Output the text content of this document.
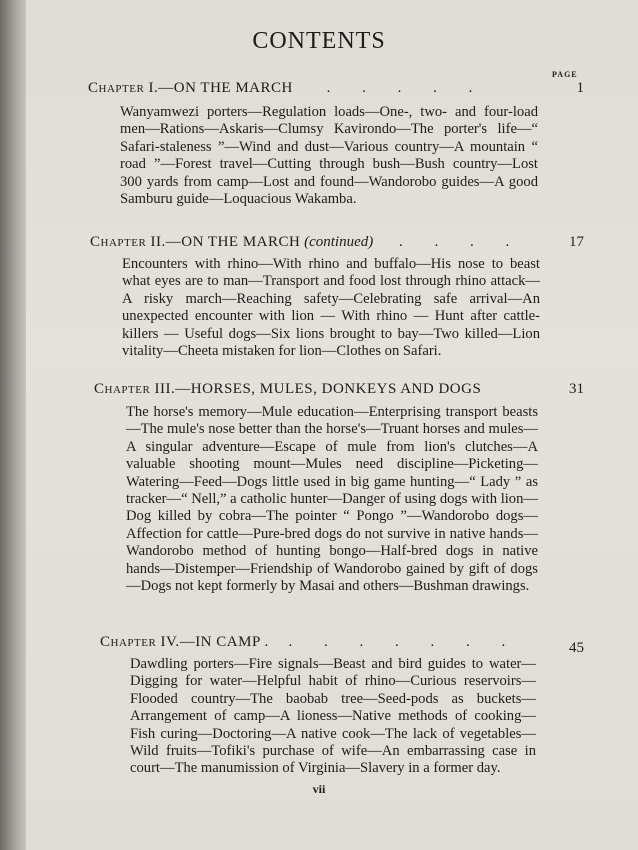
CONTENTS
PAGE
Chapter I.—ON THE MARCH . . . . .	1
Wanyamwezi porters—Regulation loads—One-, two- and four-load men—Rations—Askaris—Clumsy Kavirondo—The porter's life—“ Safari-staleness ”—Wind and dust—Various country—A mountain “ road ”—Forest travel—Cutting through bush—Bush country—Lost 300 yards from camp—Lost and found—Wandorobo guides—A good Samburu guide—Loquacious Wakamba.
Chapter II.—ON THE MARCH (continued) . . . .	17
Encounters with rhino—With rhino and buffalo—His nose to beast what eyes are to man—Transport and food lost through rhino attack—A risky march—Reaching safety—Celebrating safe arrival—An unexpected encounter with lion — With rhino — Hunt after cattle-killers — Useful dogs—Six lions brought to bay—Two killed—Lion vitality—Cheeta mistaken for lion—Clothes on Safari.
Chapter III.—HORSES, MULES, DONKEYS AND DOGS	31
The horse's memory—Mule education—Enterprising transport beasts—The mule's nose better than the horse's—Truant horses and mules—A singular adventure—Escape of mule from lion's clutches—A valuable shooting mount—Mules need discipline—Picketing—Watering—Feed—Dogs little used in big game hunting—“ Lady ” as tracker—“ Nell,” a catholic hunter—Danger of using dogs with lion—Dog killed by cobra—The pointer “ Pongo ”—Wandorobo dogs—Affection for cattle—Pure-bred dogs do not survive in native hands—Wandorobo method of hunting bongo—Half-bred dogs in native hands—Distemper—Friendship of Wandorobo gained by gift of dogs—Dogs not kept formerly by Masai and others—Bushman drawings.
Chapter IV.—IN CAMP . . . . . . . .	45
Dawdling porters—Fire signals—Beast and bird guides to water—Digging for water—Helpful habit of rhino—Curious reservoirs—Flooded country—The baobab tree—Seed-pods as buckets—Arrangement of camp—A lioness—Native methods of cooking—Fish curing—Doctoring—A native cook—The lack of vegetables—Wild fruits—Tofiki's purchase of wife—An embarrassing case in court—The manumission of Virginia—Slavery in a former day.
vii
